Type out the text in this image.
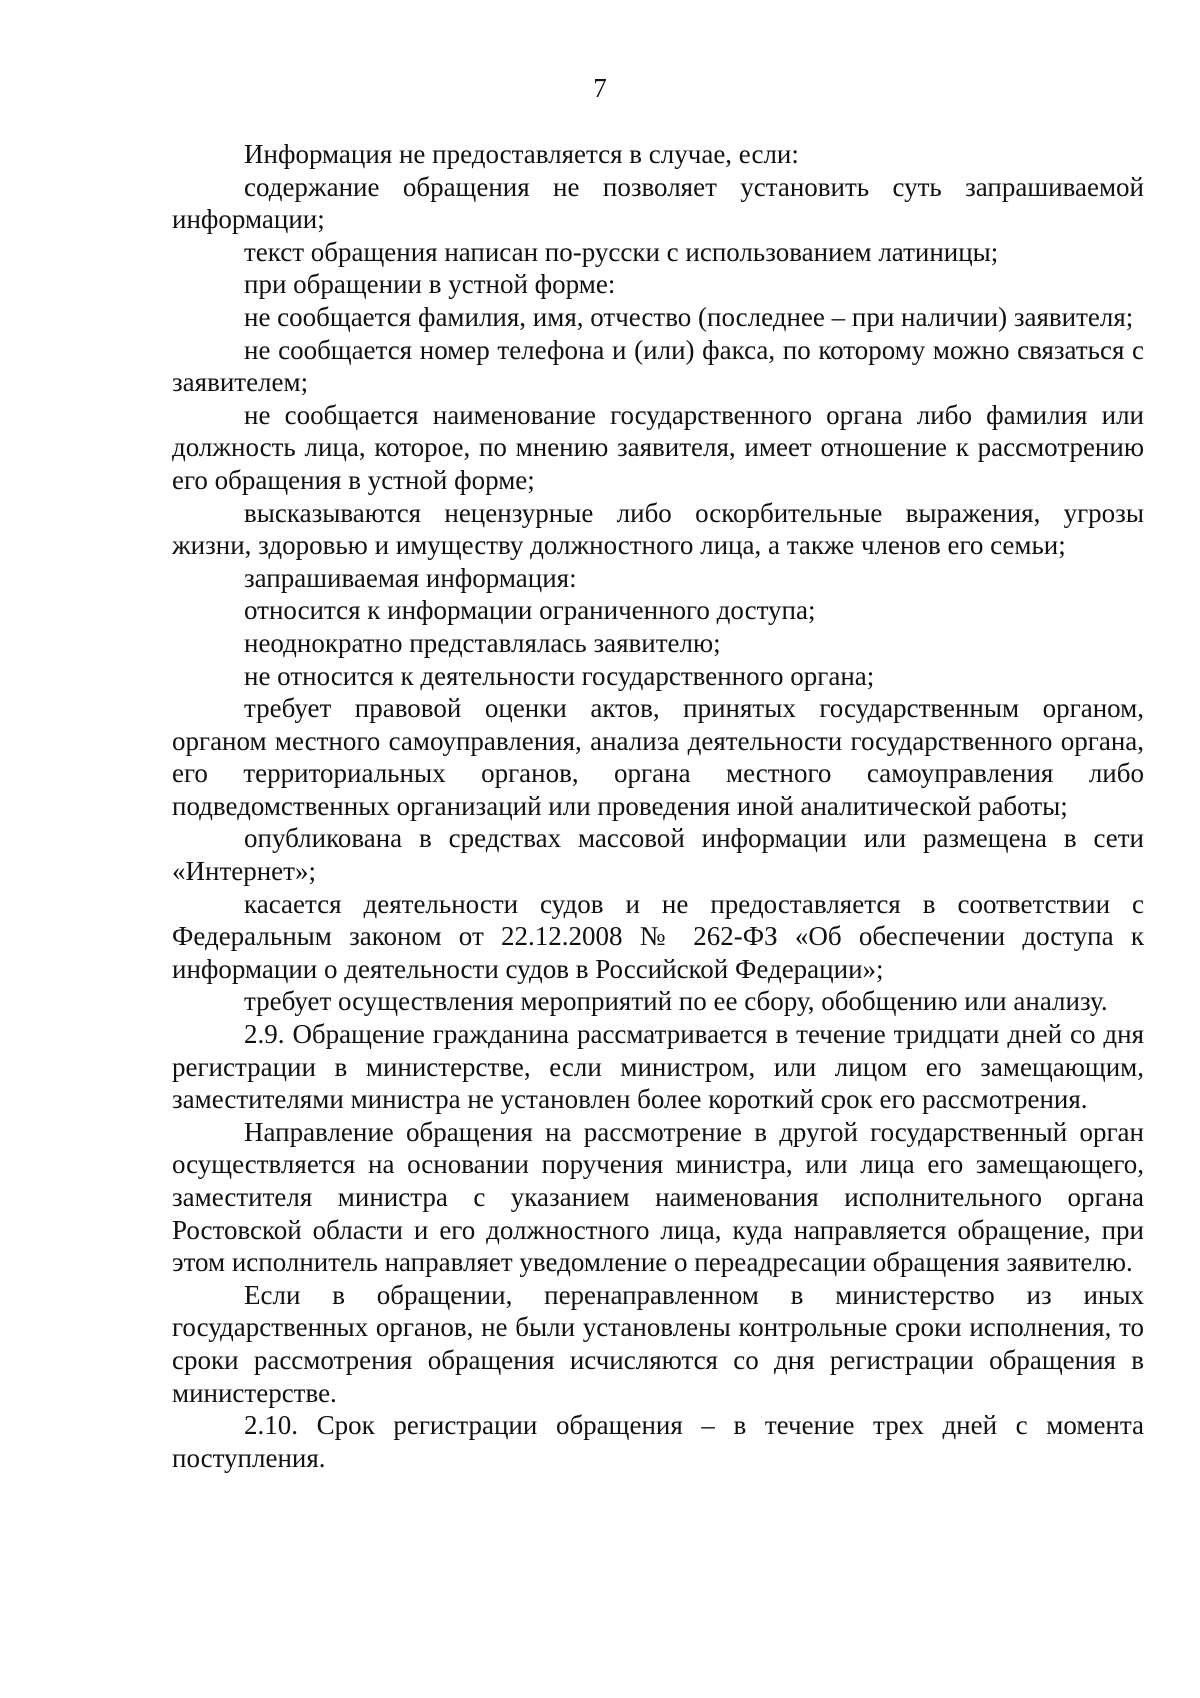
7

Информация не предоставляется в случае, если:

содержание обращения не позволяет установить суть запрашиваемой информации;

текст обращения написан по-русски с использованием латиницы;

при обращении в устной форме:

не сообщается фамилия, имя, отчество (последнее – при наличии) заявителя;

не сообщается номер телефона и (или) факса, по которому можно связаться с заявителем;

не сообщается наименование государственного органа либо фамилия или должность лица, которое, по мнению заявителя, имеет отношение к рассмотрению его обращения в устной форме;

высказываются нецензурные либо оскорбительные выражения, угрозы жизни, здоровью и имуществу должностного лица, а также членов его семьи;

запрашиваемая информация:

относится к информации ограниченного доступа;

неоднократно представлялась заявителю;

не относится к деятельности государственного органа;

требует правовой оценки актов, принятых государственным органом, органом местного самоуправления, анализа деятельности государственного органа, его территориальных органов, органа местного самоуправления либо подведомственных организаций или проведения иной аналитической работы;

опубликована в средствах массовой информации или размещена в сети «Интернет»;

касается деятельности судов и не предоставляется в соответствии с Федеральным законом от 22.12.2008 № 262-ФЗ «Об обеспечении доступа к информации о деятельности судов в Российской Федерации»;

требует осуществления мероприятий по ее сбору, обобщению или анализу.

2.9. Обращение гражданина рассматривается в течение тридцати дней со дня регистрации в министерстве, если министром, или лицом его замещающим, заместителями министра не установлен более короткий срок его рассмотрения.

Направление обращения на рассмотрение в другой государственный орган осуществляется на основании поручения министра, или лица его замещающего, заместителя министра с указанием наименования исполнительного органа Ростовской области и его должностного лица, куда направляется обращение, при этом исполнитель направляет уведомление о переадресации обращения заявителю.

Если в обращении, перенаправленном в министерство из иных государственных органов, не были установлены контрольные сроки исполнения, то сроки рассмотрения обращения исчисляются со дня регистрации обращения в министерстве.

2.10. Срок регистрации обращения – в течение трех дней с момента поступления.
